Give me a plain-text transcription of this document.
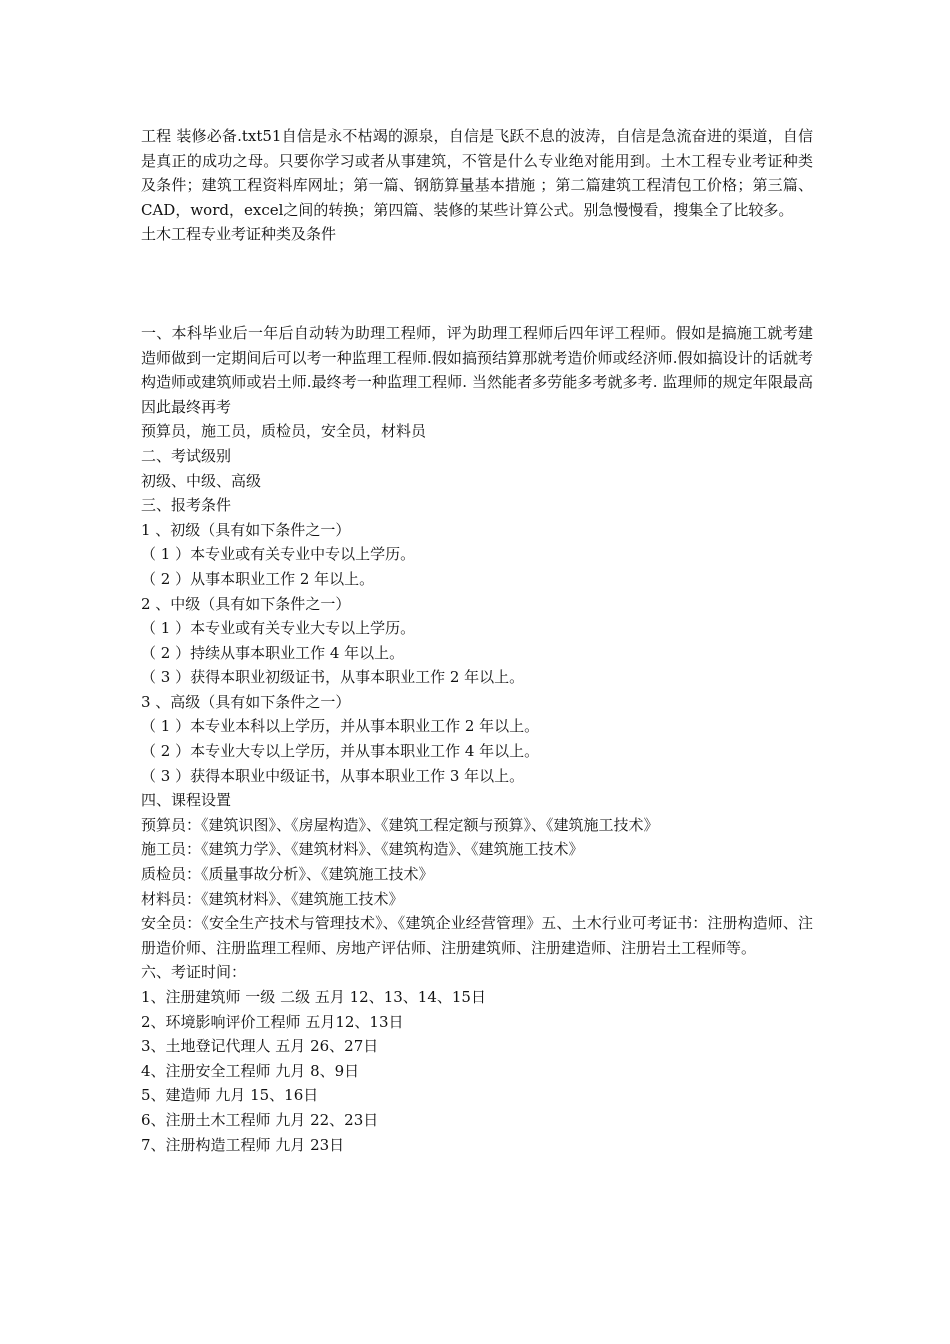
工程 装修必备.txt51自信是永不枯竭的源泉，自信是飞跃不息的波涛，自信是急流奋进的渠道，自信是真正的成功之母。只要你学习或者从事建筑，不管是什么专业绝对能用到。土木工程专业考证种类及条件；建筑工程资料库网址；第一篇、钢筋算量基本措施 ；第二篇建筑工程清包工价格；第三篇、CAD，word，excel之间的转换；第四篇、装修的某些计算公式。别急慢慢看，搜集全了比较多。

土木工程专业考证种类及条件

一、本科毕业后一年后自动转为助理工程师，评为助理工程师后四年评工程师。假如是搞施工就考建造师做到一定期间后可以考一种监理工程师.假如搞预结算那就考造价师或经济师.假如搞设计的话就考构造师或建筑师或岩土师.最终考一种监理工程师. 当然能者多劳能多考就多考. 监理师的规定年限最高因此最终再考

预算员，施工员，质检员，安全员，材料员

二、考试级别

初级、中级、高级

三、报考条件

1 、初级（具有如下条件之一）

（ 1 ）本专业或有关专业中专以上学历。

（ 2 ）从事本职业工作 2 年以上。

2 、中级（具有如下条件之一）

（ 1 ）本专业或有关专业大专以上学历。

（ 2 ）持续从事本职业工作 4 年以上。

（ 3 ）获得本职业初级证书，从事本职业工作 2 年以上。

3 、高级（具有如下条件之一）

（ 1 ）本专业本科以上学历，并从事本职业工作 2 年以上。

（ 2 ）本专业大专以上学历，并从事本职业工作 4 年以上。

（ 3 ）获得本职业中级证书，从事本职业工作 3 年以上。

四、课程设置

预算员：《建筑识图》、《房屋构造》、《建筑工程定额与预算》、《建筑施工技术》

施工员：《建筑力学》、《建筑材料》、《建筑构造》、《建筑施工技术》

质检员：《质量事故分析》、《建筑施工技术》

材料员：《建筑材料》、《建筑施工技术》

安全员：《安全生产技术与管理技术》、《建筑企业经营管理》五、土木行业可考证书：注册构造师、注册造价师、注册监理工程师、房地产评估师、注册建筑师、注册建造师、注册岩土工程师等。

六、考证时间：

1、注册建筑师 一级 二级 五月 12、13、14、15日

2、环境影响评价工程师 五月12、13日

3、土地登记代理人 五月 26、27日

4、注册安全工程师 九月 8、9日

5、建造师 九月 15、16日

6、注册土木工程师 九月 22、23日

7、注册构造工程师 九月 23日
